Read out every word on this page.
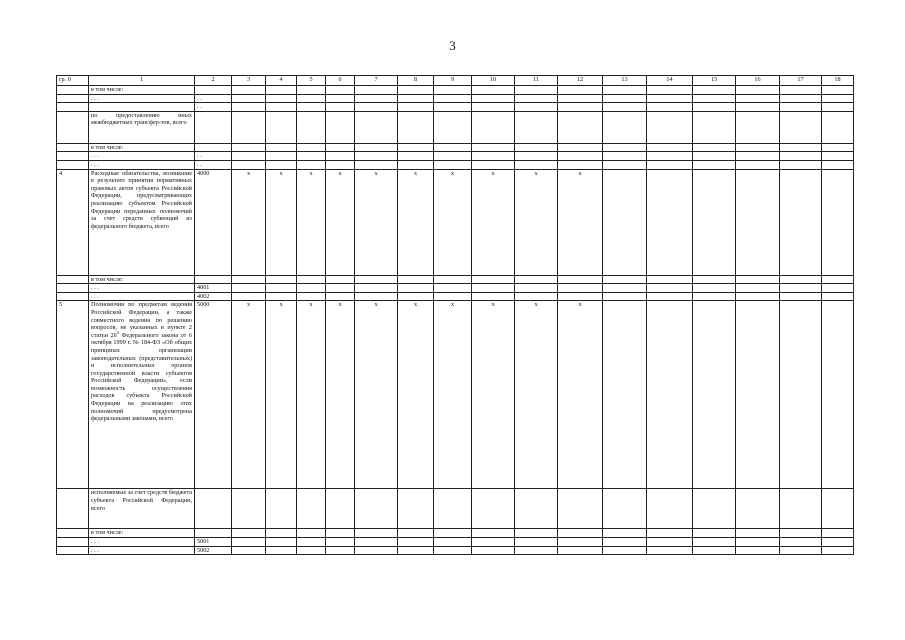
3
гр. 0	1	2	3	4	5	6	7	8	9	10	11	12	13	14	15	16	17	18
	в том числе:																	
	. . .	. .																
		. .																
	по предоставлению иных межбюджетных трансфер-тов, всего																	
	в том числе:																	
	. . .	. .																
	. . .	. .																
4	Расходные обязательства, возникшие в результате принятия нормативных правовых актов субъекта Российской Федерации, предусматривающих реализацию субъектом Российской Федерации переданных полномочий за счет средств субвенций из федерального бюджета, всего	4000	x	x	x	x	x	x	x	x	x	x						
	в том числе:																	
	. . .	4001																
	. . .	4002																
5	Полномочия по предметам ведения Российской Федерации, а также совместного ведения по решению вопросов, не указанных в пункте 2 статьи $26^3$ Федерального закона от 6 октября 1999 г. № 184-ФЗ «Об общих принципах организации законодательных (представительных) и исполнительных органов государственной власти субъектов Российской Федерации», если возможность осуществления расходов субъекта Российской Федерации на реализацию этих полномочий предусмотрена федеральными законами, всего	5000	x	x	x	x	x	x	x	x	x	x						
	исполняемые за счет средств бюджета субъекта Российской Федерации, всего																	
	в том числе:																	
	. . .	5001																
	. . .	5002																
